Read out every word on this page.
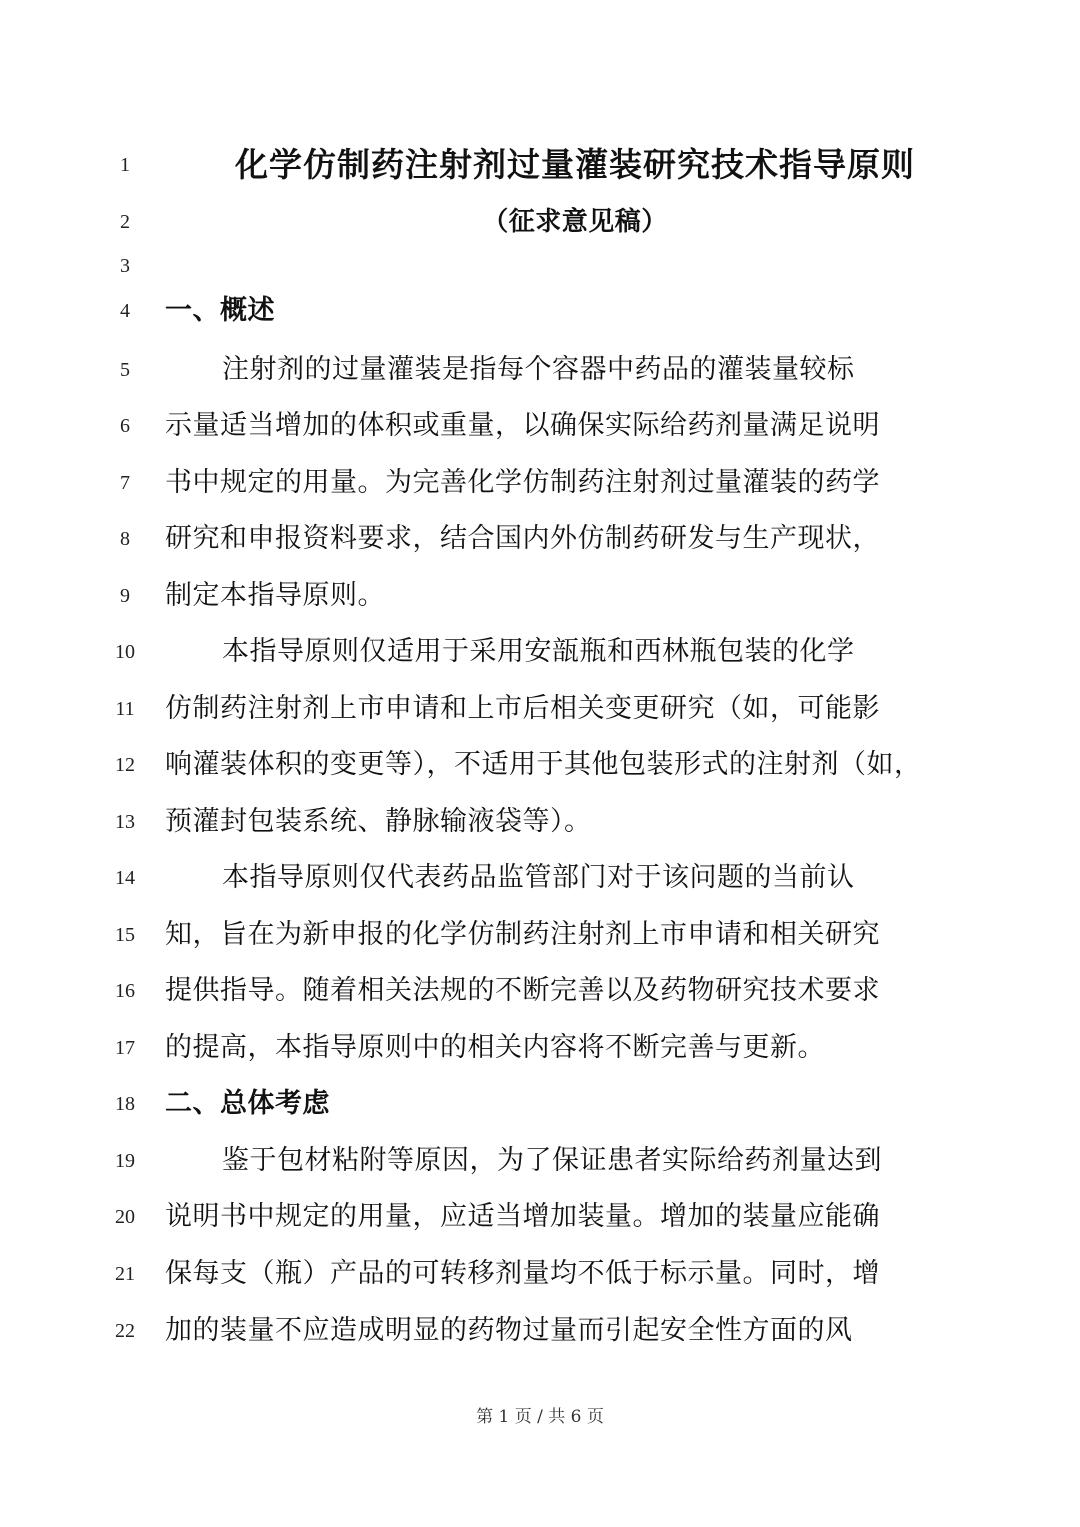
1	化学仿制药注射剂过量灌装研究技术指导原则
2	（征求意见稿）
3
4	一、概述
5	注射剂的过量灌装是指每个容器中药品的灌装量较标
6	示量适当增加的体积或重量，以确保实际给药剂量满足说明
7	书中规定的用量。为完善化学仿制药注射剂过量灌装的药学
8	研究和申报资料要求，结合国内外仿制药研发与生产现状，
9	制定本指导原则。
10	本指导原则仅适用于采用安瓿瓶和西林瓶包装的化学
11	仿制药注射剂上市申请和上市后相关变更研究（如，可能影
12	响灌装体积的变更等），不适用于其他包装形式的注射剂（如，
13	预灌封包装系统、静脉输液袋等）。
14	本指导原则仅代表药品监管部门对于该问题的当前认
15	知，旨在为新申报的化学仿制药注射剂上市申请和相关研究
16	提供指导。随着相关法规的不断完善以及药物研究技术要求
17	的提高，本指导原则中的相关内容将不断完善与更新。
18	二、总体考虑
19	鉴于包材粘附等原因，为了保证患者实际给药剂量达到
20	说明书中规定的用量，应适当增加装量。增加的装量应能确
21	保每支（瓶）产品的可转移剂量均不低于标示量。同时，增
22	加的装量不应造成明显的药物过量而引起安全性方面的风
第 1 页 / 共 6 页
